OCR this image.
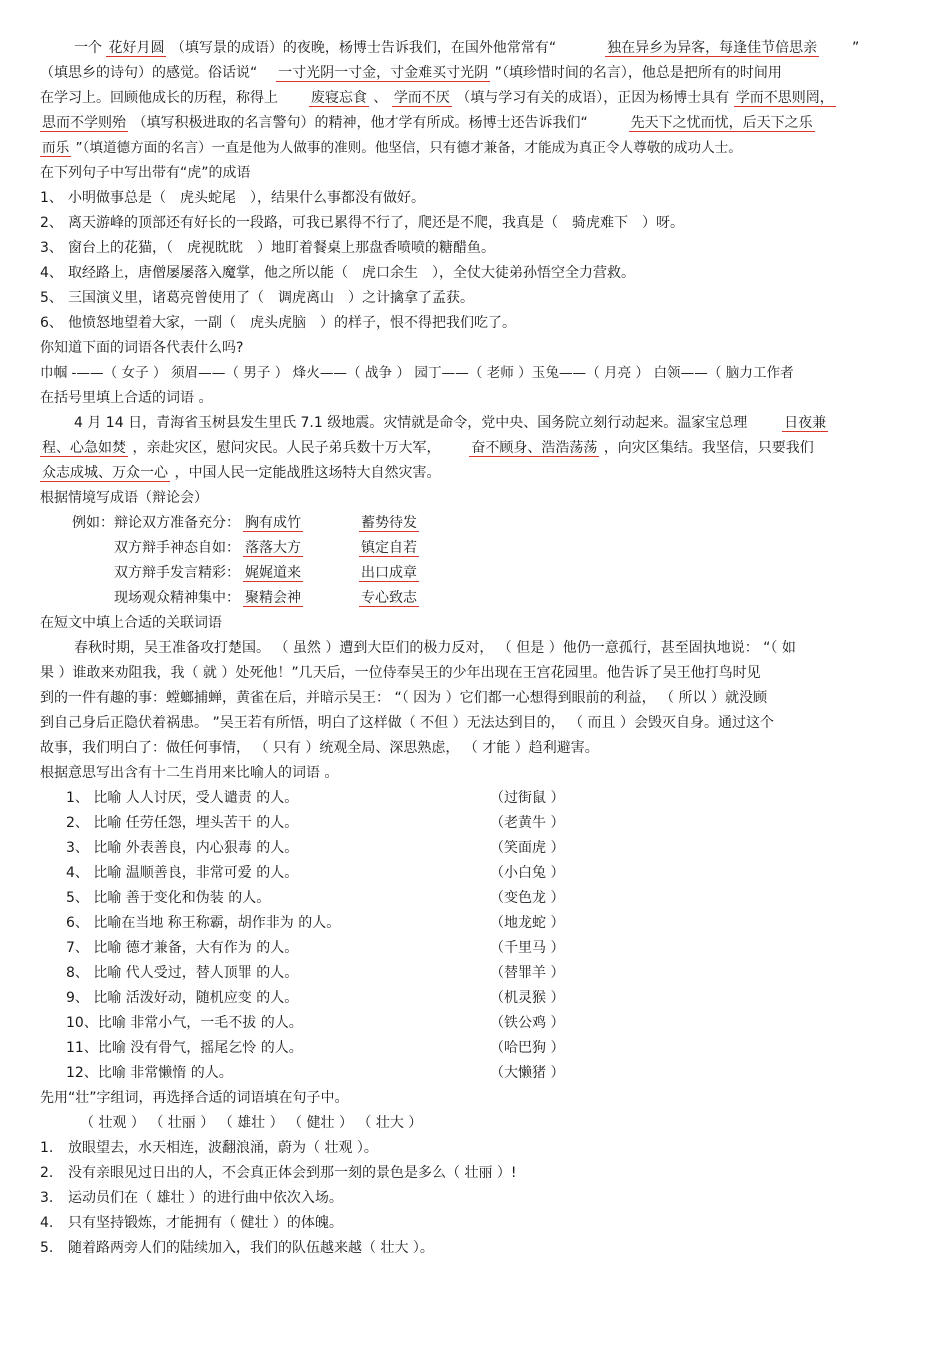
一个 花好月圆 （填写景的成语）的夜晚，杨博士告诉我们，在国外他常常有“	独在异乡为异客，每逢佳节倍思亲 ”
（填思乡的诗句）的感觉。俗话说“ 一寸光阴一寸金，寸金难买寸光阴 ”（填珍惜时间的名言），他总是把所有的时间用
在学习上。回顾他成长的历程，称得上 废寝忘食 、 学而不厌 （填与学习有关的成语），正因为杨博士具有 学而不思则罔，
思而不学则殆 （填写积极进取的名言警句）的精神，他才学有所成。杨博士还告诉我们“	先天下之忧而忧，后天下之乐
而乐 ”（填道德方面的名言）一直是他为人做事的准则。他坚信，只有德才兼备，才能成为真正令人尊敬的成功人士。
在下列句子中写出带有“虎”的成语
1、 小明做事总是（ 虎头蛇尾 ），结果什么事都没有做好。
2、 离天游峰的顶部还有好长的一段路，可我已累得不行了，爬还是不爬，我真是（ 骑虎难下 ）呀。
3、 窗台上的花猫，（ 虎视眈眈 ）地盯着餐桌上那盘香喷喷的糖醋鱼。
4、 取经路上，唐僧屡屡落入魔掌，他之所以能（ 虎口余生 ），全仗大徒弟孙悟空全力营救。
5、 三国演义里，诸葛亮曾使用了（ 调虎离山 ）之计擒拿了孟获。
6、 他愤怒地望着大家，一副（ 虎头虎脑 ）的样子，恨不得把我们吃了。
你知道下面的词语各代表什么吗?
巾帼 -——（ 女子 ） 须眉——（ 男子 ） 烽火——（ 战争 ） 园丁——（ 老师 ）玉兔——（ 月亮 ） 白领——（ 脑力工作者
在括号里填上合适的词语 。
4 月 14 日，青海省玉树县发生里氏 7.1 级地震。灾情就是命令，党中央、国务院立刻行动起来。温家宝总理	日夜兼
程、心急如焚 ，亲赴灾区，慰问灾民。人民子弟兵数十万大军， 奋不顾身、浩浩荡荡 ，向灾区集结。我坚信，只要我们
众志成城、万众一心 ，中国人民一定能战胜这场特大自然灾害。
根据情境写成语（辩论会）
例如：辩论双方准备充分： 胸有成竹	蓄势待发
双方辩手神态自如： 落落大方	镇定自若
双方辩手发言精彩： 娓娓道来	出口成章
现场观众精神集中： 聚精会神	专心致志
在短文中填上合适的关联词语
春秋时期，吴王准备攻打楚国。 （ 虽然 ）遭到大臣们的极力反对， （ 但是 ）他仍一意孤行，甚至固执地说： “（ 如
果 ）谁敢来劝阻我，我（ 就 ）处死他！”几天后，一位侍奉吴王的少年出现在王宫花园里。他告诉了吴王他打鸟时见
到的一件有趣的事：螳螂捕蝉，黄雀在后，并暗示吴王： “（ 因为 ）它们都一心想得到眼前的利益， （ 所以 ）就没顾
到自己身后正隐伏着祸患。 ”吴王若有所悟，明白了这样做（ 不但 ）无法达到目的， （ 而且 ）会毁灭自身。通过这个
故事，我们明白了：做任何事情， （ 只有 ）统观全局、深思熟虑， （ 才能 ）趋利避害。
根据意思写出含有十二生肖用来比喻人的词语 。
1、 比喻 人人讨厌，受人谴责 的人。	（过街鼠 ）
2、 比喻 任劳任怨，埋头苦干 的人。	（老黄牛 ）
3、 比喻 外表善良，内心狠毒 的人。	（笑面虎 ）
4、 比喻 温顺善良，非常可爱 的人。	（小白兔 ）
5、 比喻 善于变化和伪装 的人。	（变色龙 ）
6、 比喻在当地 称王称霸，胡作非为 的人。	（地龙蛇 ）
7、 比喻 德才兼备，大有作为 的人。	（千里马 ）
8、 比喻 代人受过，替人顶罪 的人。	（替罪羊 ）
9、 比喻 活泼好动，随机应变 的人。	（机灵猴 ）
10、比喻 非常小气，一毛不拔 的人。	（铁公鸡 ）
11、比喻 没有骨气，摇尾乞怜 的人。	（哈巴狗 ）
12、比喻 非常懒惰 的人。	（大懒猪 ）
先用“壮”字组词，再选择合适的词语填在句子中。
（ 壮观 ） （ 壮丽 ） （ 雄壮 ） （ 健壮 ） （ 壮大 ）
1. 放眼望去，水天相连，波翻浪涌，蔚为（ 壮观 ）。
2. 没有亲眼见过日出的人，不会真正体会到那一刻的景色是多么（ 壮丽 ）!
3. 运动员们在（ 雄壮 ）的进行曲中依次入场。
4. 只有坚持锻炼，才能拥有（ 健壮 ）的体魄。
5. 随着路两旁人们的陆续加入，我们的队伍越来越（ 壮大 ）。
